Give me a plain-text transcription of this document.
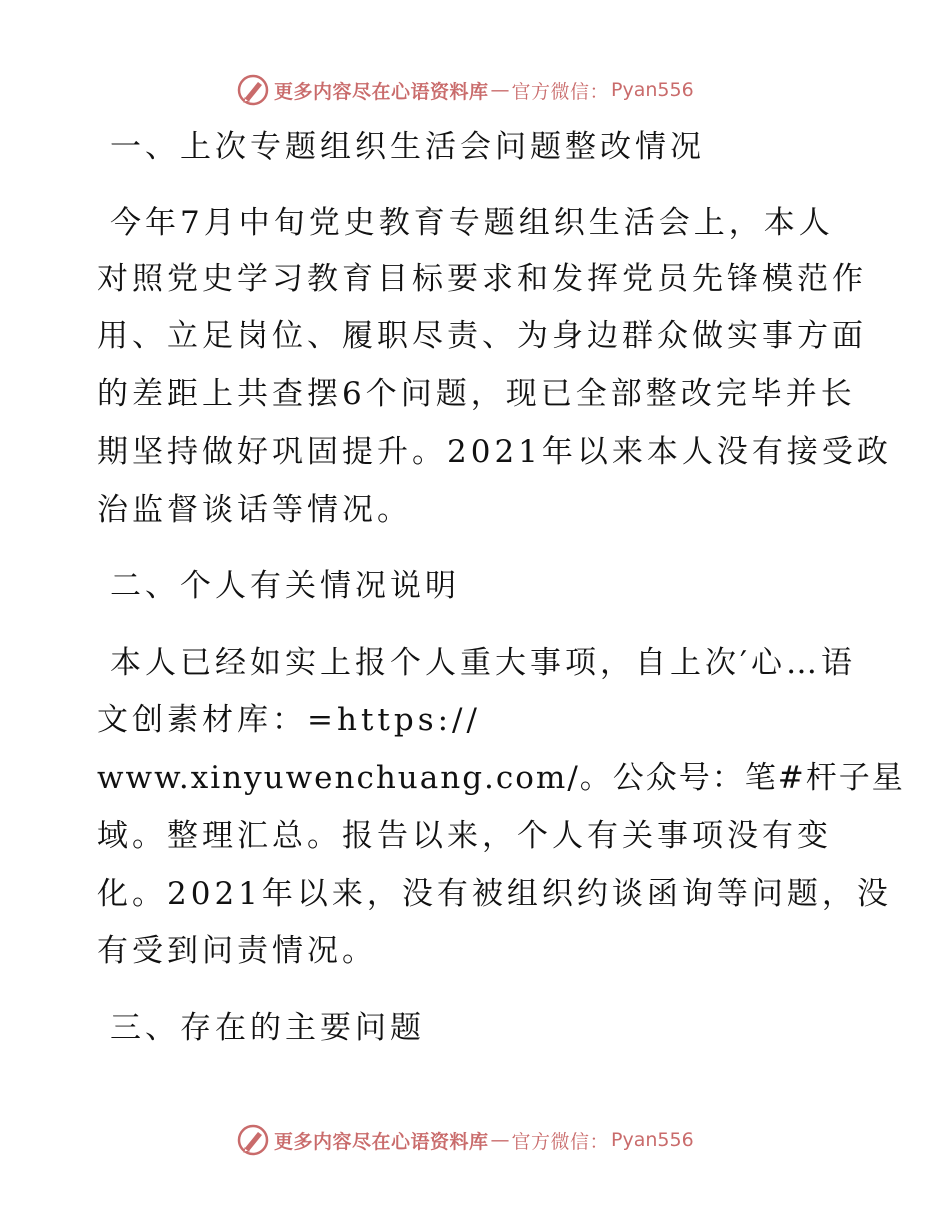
更多内容尽在心语资料库 — 官方微信： Pyan556
一、上次专题组织生活会问题整改情况
今年7月中旬党史教育专题组织生活会上，本人
对照党史学习教育目标要求和发挥党员先锋模范作
用、立足岗位、履职尽责、为身边群众做实事方面
的差距上共查摆6个问题，现已全部整改完毕并长
期坚持做好巩固提升。2021年以来本人没有接受政
治监督谈话等情况。
二、个人有关情况说明
本人已经如实上报个人重大事项，自上次′心…语
文创素材库：=https://
www.xinyuwenchuang.com/。公众号：笔#杆子星
域。整理汇总。报告以来，个人有关事项没有变
化。2021年以来，没有被组织约谈函询等问题，没
有受到问责情况。
三、存在的主要问题
更多内容尽在心语资料库 — 官方微信： Pyan556
